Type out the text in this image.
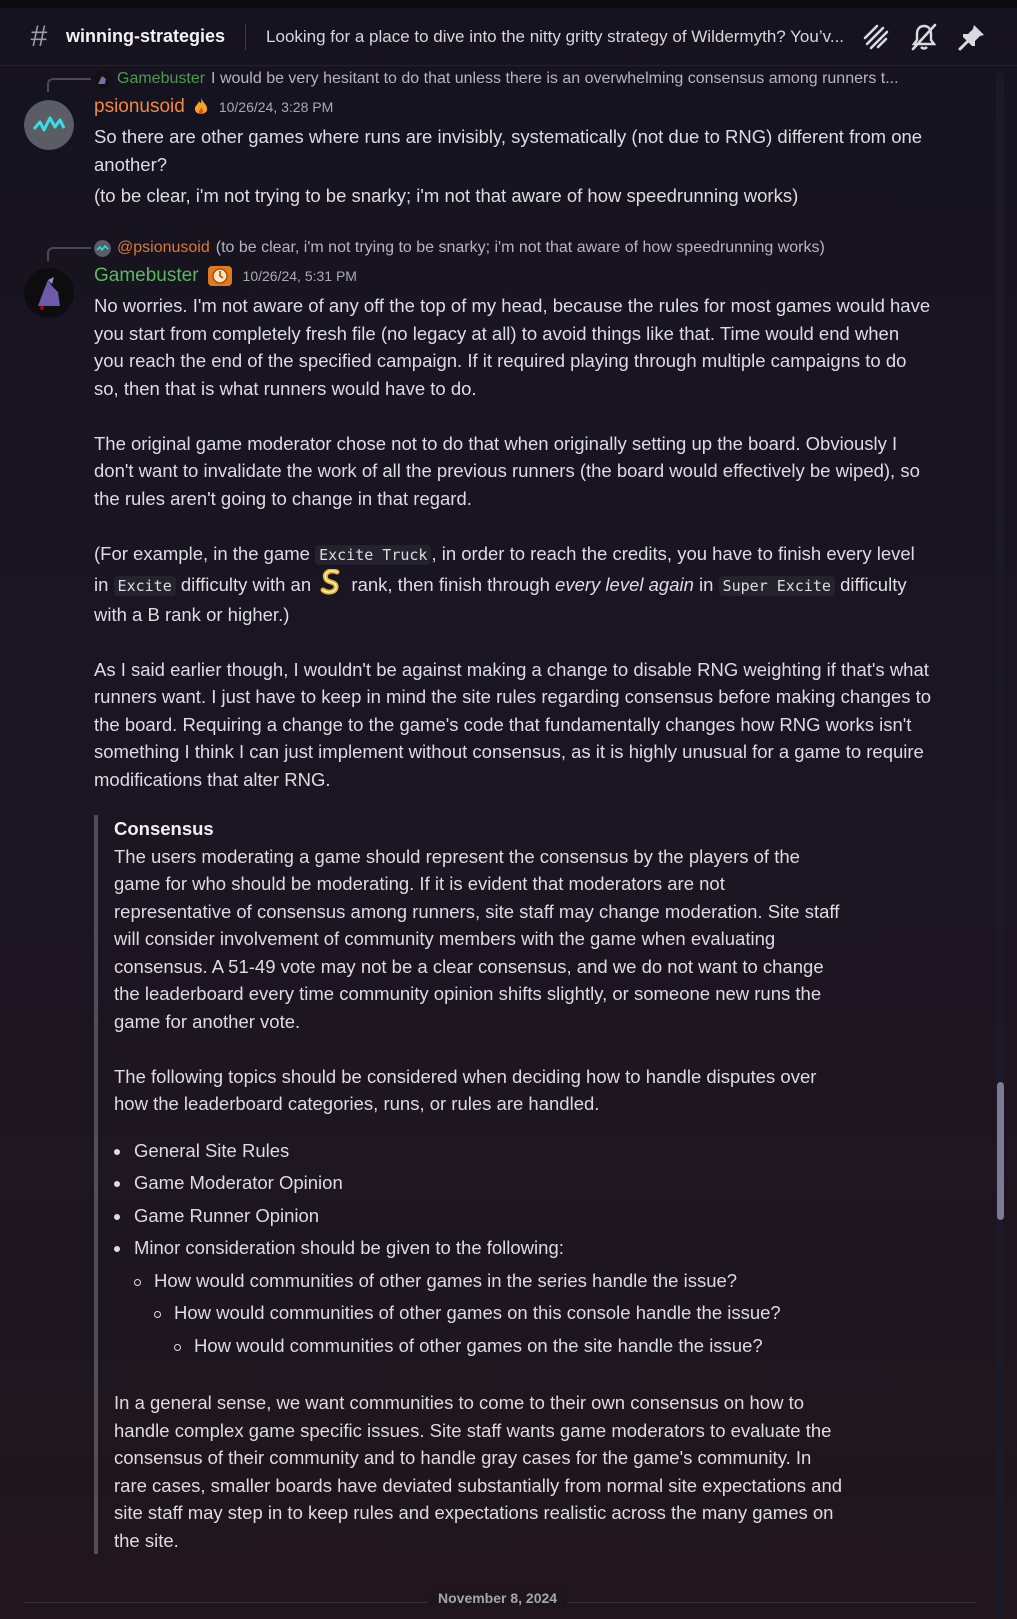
#	winning-strategies Looking for a place to dive into the nitty gritty strategy of Wildermyth? You’v...
Gamebuster I would be very hesitant to do that unless there is an overwhelming consensus among runners t...
psionusoid 10/26/24, 3:28 PM

So there are other games where runs are invisibly, systematically (not due to RNG) different from one another?

(to be clear, i'm not trying to be snarky; i'm not that aware of how speedrunning works)

@psionusoid (to be clear, i'm not trying to be snarky; i'm not that aware of how speedrunning works)
Gamebuster	10/26/24, 5:31 PM

No worries. I'm not aware of any off the top of my head, because the rules for most games would have you start from completely fresh file (no legacy at all) to avoid things like that. Time would end when you reach the end of the specified campaign. If it required playing through multiple campaigns to do so, then that is what runners would have to do.

The original game moderator chose not to do that when originally setting up the board. Obviously I don't want to invalidate the work of all the previous runners (the board would effectively be wiped), so the rules aren't going to change in that regard.

(For example, in the game Excite Truck , in order to reach the credits, you have to finish every level in Excite difficulty with an  rank, then finish through every level again in Super Excite difficulty with a B rank or higher.)

As I said earlier though, I wouldn't be against making a change to disable RNG weighting if that's what runners want. I just have to keep in mind the site rules regarding consensus before making changes to the board. Requiring a change to the game's code that fundamentally changes how RNG works isn't something I think I can just implement without consensus, as it is highly unusual for a game to require modifications that alter RNG.

Consensus

The users moderating a game should represent the consensus by the players of the game for who should be moderating. If it is evident that moderators are not representative of consensus among runners, site staff may change moderation. Site staff will consider involvement of community members with the game when evaluating consensus. A 51-49 vote may not be a clear consensus, and we do not want to change the leaderboard every time community opinion shifts slightly, or someone new runs the game for another vote.

The following topics should be considered when deciding how to handle disputes over how the leaderboard categories, runs, or rules are handled.

General Site Rules
Game Moderator Opinion
Game Runner Opinion
Minor consideration should be given to the following:
How would communities of other games in the series handle the issue?
How would communities of other games on this console handle the issue?
How would communities of other games on the site handle the issue?

In a general sense, we want communities to come to their own consensus on how to handle complex game specific issues. Site staff wants game moderators to evaluate the consensus of their community and to handle gray cases for the game's community. In rare cases, smaller boards have deviated substantially from normal site expectations and site staff may step in to keep rules and expectations realistic across the many games on the site.

November 8, 2024
